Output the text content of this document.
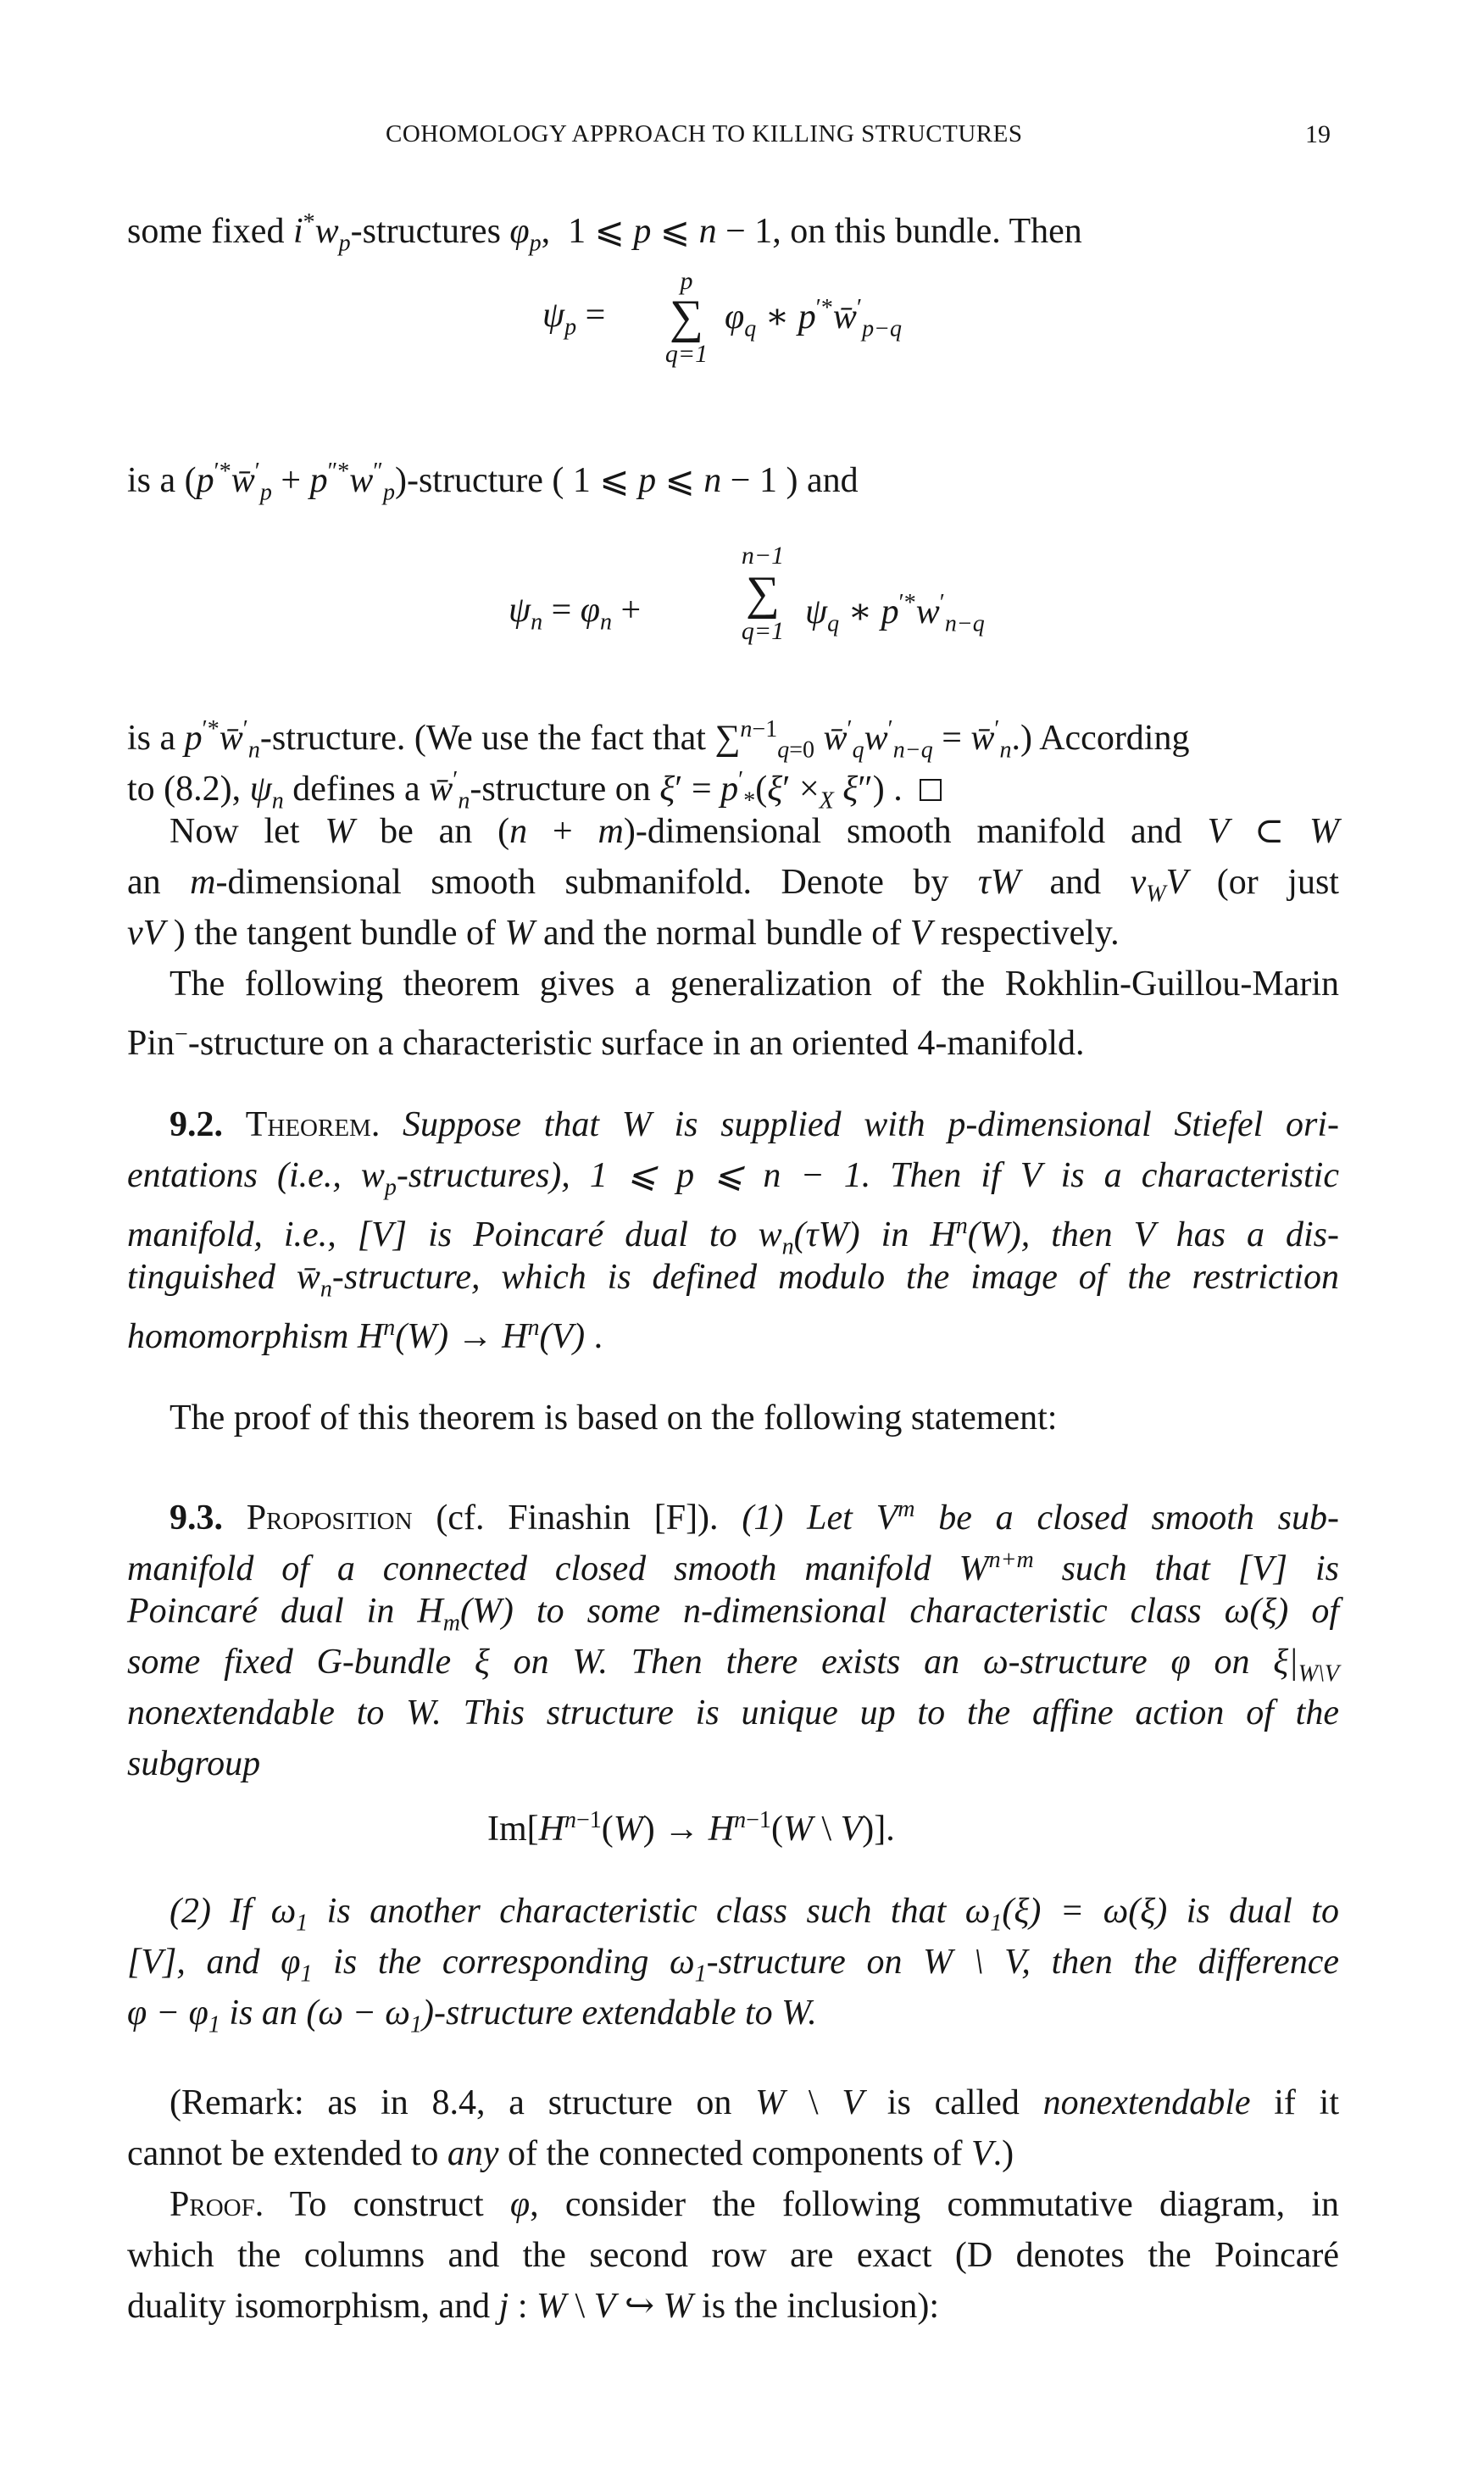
COHOMOLOGY APPROACH TO KILLING STRUCTURES	19
some fixed $i^*w_p$-structures $\varphi_p$,  1 ⩽ p ⩽ n − 1, on this bundle. Then
$\psi_p$ =
p
∑
q=1
$\varphi_q$ ∗ $p^{'*}w̄'_{p-q}$
is a ($p^{'*}w̄'_p$ + $p^{''*}w''_p$)-structure ( 1 ⩽ p ⩽ n − 1 ) and
$\psi_n = \varphi_n$ +
n−1
∑
q=1 $\psi_q$ ∗ $p^{'*}w'_{n-q}$
is a $p^{'*}w̄'_n$-structure. (We use the fact that ∑$^{n-1}_{q=0}$ $w̄'_qw'_{n-q}$ = $w̄'_n$.) According
to (8.2), $\psi_n$ defines a $w̄'_n$-structure on $\xi' = p'_*(\xi' \times_X$ ξ″) .
Now let W be an (n + m)-dimensional smooth manifold and V ⊂ W
an m-dimensional smooth submanifold. Denote by τW and $\nu_WV$ (or just
νV ) the tangent bundle of W and the normal bundle of V respectively.
The following theorem gives a generalization of the Rokhlin-Guillou-Marin
Pin−-structure on a characteristic surface in an oriented 4-manifold.
9.2. Theorem. Suppose that W is supplied with p-dimensional Stiefel ori-
entations (i.e., $w_p-structures$), 1 ⩽ p ⩽ n − 1. Then if V is a characteristic
manifold, i.e., [V] is Poincaré dual to $w_n(\tau W)$ in $H^n(W)$, then V has a dis-
tinguished $w̄_n$-structure, which is defined modulo the image of the restriction
homomorphism $H^n(W) \to H^n(V)$ .
The proof of this theorem is based on the following statement:
9.3. Proposition (cf. Finashin [F]). (1) Let $V^m$ be a closed smooth sub-
manifold of a connected closed smooth manifold $W^{n+m}$ such that [V] is
Poincaré dual in $H_m(W)$ to some n-dimensional characteristic class ω(ξ) of
some fixed G-bundle ξ on W. Then there exists an ω-structure φ on $\xi|_{W\backslash V}$
nonextendable to W. This structure is unique up to the affine action of the
subgroup
$Im[H^{n-1}(W) \to H^{n-1}(W$ \ V)].
(2) If $\omega_1$ is another characteristic class such that $\omega_1(\xi) = \omega(\xi)$ is dual to
[V], and $\varphi_1$ is the corresponding $\omega_1$-structure on W \ V, then the difference
$\varphi - \varphi_1$ is an $(\omega - \omega_1)$-structure extendable to W.
(Remark: as in 8.4, a structure on W \ V is called nonextendable if it
cannot be extended to any of the connected components of V.)
Proof. To construct φ, consider the following commutative diagram, in
which the columns and the second row are exact (D denotes the Poincaré
duality isomorphism, and j : W \ V ↪ W is the inclusion):
